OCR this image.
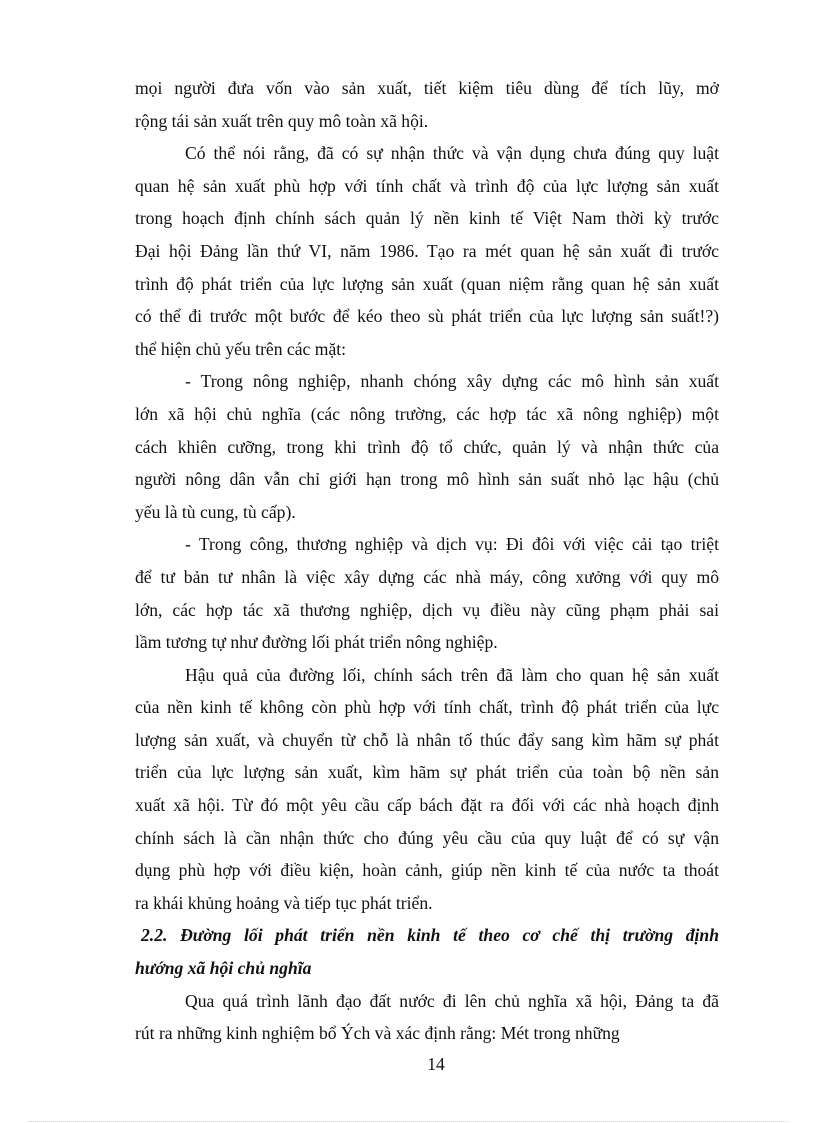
mọi người đưa vốn vào sản xuất, tiết kiệm tiêu dùng để tích lũy, mở
rộng tái sản xuất trên quy mô toàn xã hội.
Có thể nói rằng, đã có sự nhận thức và vận dụng chưa đúng quy luật
quan hệ sản xuất phù hợp với tính chất và trình độ của lực lượng sản xuất
trong hoạch định chính sách quản lý nền kinh tế Việt Nam thời kỳ trước
Đại hội Đảng lần thứ VI, năm 1986. Tạo ra mét quan hệ sản xuất đi trước
trình độ phát triển của lực lượng sản xuất (quan niệm rằng quan hệ sản xuất
có thể đi trước một bước để kéo theo sù phát triển của lực lượng sản suất!?)
thể hiện chủ yếu trên các mặt:
- Trong nông nghiệp, nhanh chóng xây dựng các mô hình sản xuất
lớn xã hội chủ nghĩa (các nông trường, các hợp tác xã nông nghiệp) một
cách khiên cưỡng, trong khi trình độ tổ chức, quản lý và nhận thức của
người nông dân vẫn chỉ giới hạn trong mô hình sản suất nhỏ lạc hậu (chủ
yếu là tù cung, tù cấp).
- Trong công, thương nghiệp và dịch vụ: Đi đôi với việc cải tạo triệt
để tư bản tư nhân là việc xây dựng các nhà máy, công xưởng với quy mô
lớn, các hợp tác xã thương nghiệp, dịch vụ điều này cũng phạm phải sai
lầm tương tự như đường lối phát triển nông nghiệp.
Hậu quả của đường lối, chính sách trên đã làm cho quan hệ sản xuất
của nền kinh tế không còn phù hợp với tính chất, trình độ phát triển của lực
lượng sản xuất, và chuyển từ chỗ là nhân tố thúc đẩy sang kìm hãm sự phát
triển của lực lượng sản xuất, kìm hãm sự phát triển của toàn bộ nền sản
xuất xã hội. Từ đó một yêu cầu cấp bách đặt ra đối với các nhà hoạch định
chính sách là cần nhận thức cho đúng yêu cầu của quy luật để có sự vận
dụng phù hợp với điều kiện, hoàn cảnh, giúp nền kinh tế của nước ta thoát
ra khái khủng hoảng và tiếp tục phát triển.
2.2. Đường lối phát triển nền kinh tế theo cơ chế thị trường định
hướng xã hội chủ nghĩa
Qua quá trình lãnh đạo đất nước đi lên chủ nghĩa xã hội, Đảng ta đã
rút ra những kinh nghiệm bổ Ých và xác định rằng: Mét trong những
14
